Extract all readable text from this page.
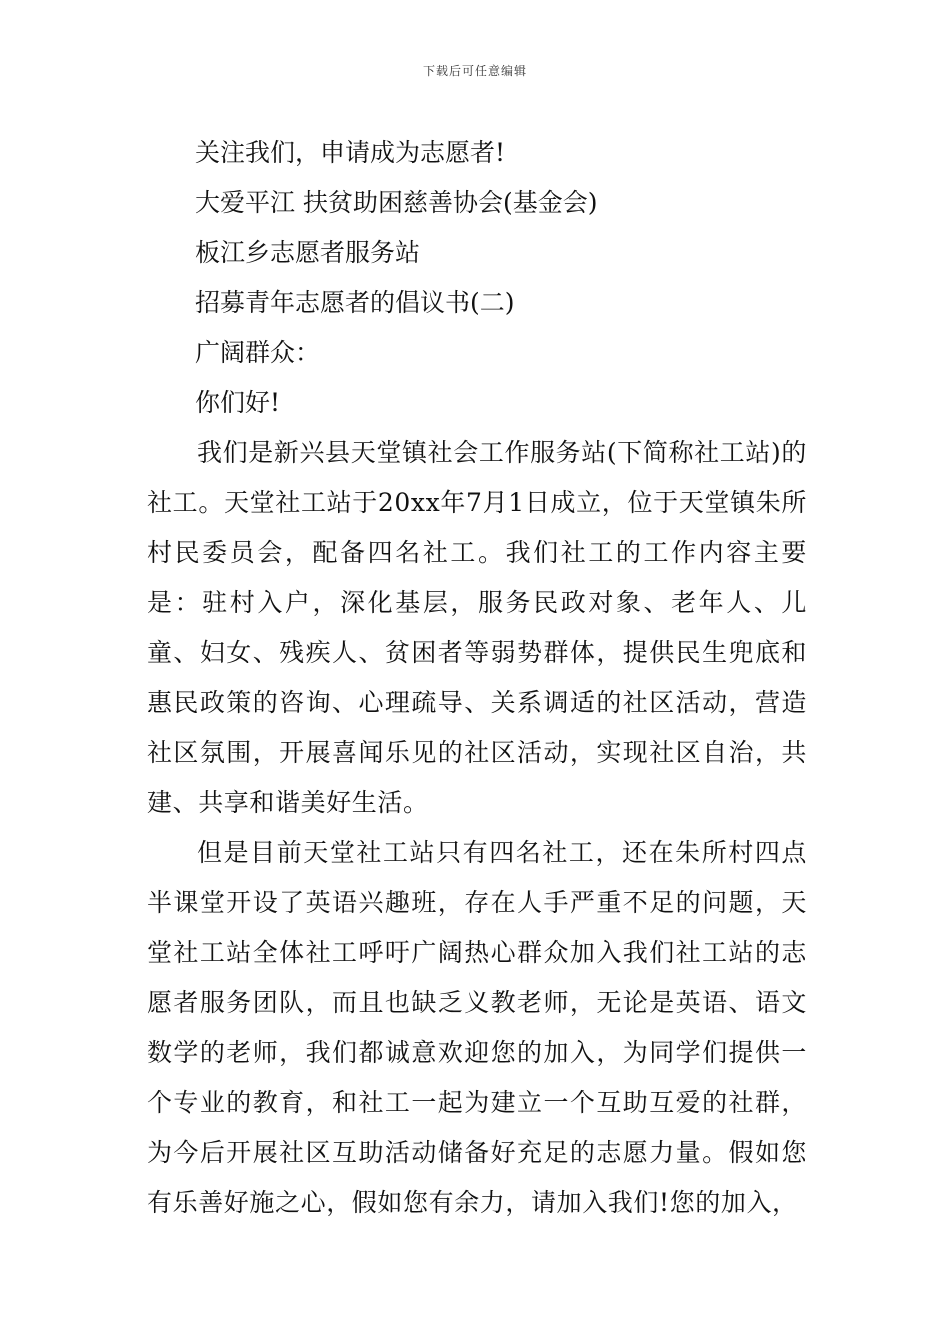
下载后可任意编辑
关注我们，申请成为志愿者!
大爱平江 扶贫助困慈善协会(基金会)
板江乡志愿者服务站
招募青年志愿者的倡议书(二)
广阔群众：
你们好!

我们是新兴县天堂镇社会工作服务站(下简称社工站)的社工。天堂社工站于20xx年7月1日成立，位于天堂镇朱所村民委员会，配备四名社工。我们社工的工作内容主要是：驻村入户，深化基层，服务民政对象、老年人、儿童、妇女、残疾人、贫困者等弱势群体，提供民生兜底和惠民政策的咨询、心理疏导、关系调适的社区活动，营造社区氛围，开展喜闻乐见的社区活动，实现社区自治，共建、共享和谐美好生活。

但是目前天堂社工站只有四名社工，还在朱所村四点半课堂开设了英语兴趣班，存在人手严重不足的问题，天堂社工站全体社工呼吁广阔热心群众加入我们社工站的志愿者服务团队，而且也缺乏义教老师，无论是英语、语文数学的老师，我们都诚意欢迎您的加入，为同学们提供一个专业的教育，和社工一起为建立一个互助互爱的社群，为今后开展社区互助活动储备好充足的志愿力量。假如您有乐善好施之心，假如您有余力，请加入我们!您的加入，
